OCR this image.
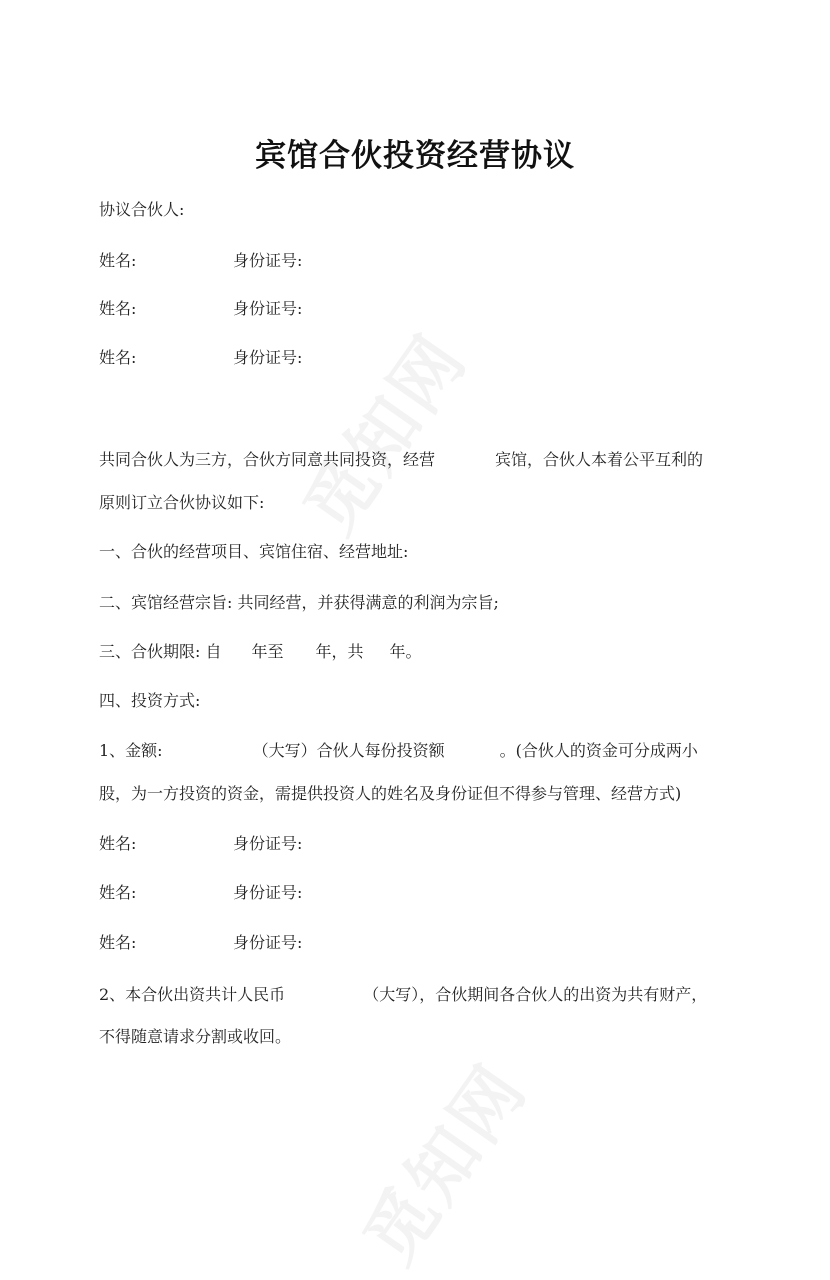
宾馆合伙投资经营协议
协议合伙人:
姓名:	身份证号:
姓名:	身份证号:
姓名:	身份证号:
共同合伙人为三方，合伙方同意共同投资，经营	宾馆，合伙人本着公平互利的
原则订立合伙协议如下:
一、合伙的经营项目、宾馆住宿、经营地址:
二、宾馆经营宗旨: 共同经营，并获得满意的利润为宗旨;
三、合伙期限: 自 年至 年，共 年。
四、投资方式:
1、金额:	（大写）合伙人每份投资额	。(合伙人的资金可分成两小
股，为一方投资的资金，需提供投资人的姓名及身份证但不得参与管理、经营方式)
姓名:	身份证号:
姓名:	身份证号:
姓名:	身份证号:
2、本合伙出资共计人民币	（大写），合伙期间各合伙人的出资为共有财产，
不得随意请求分割或收回。
